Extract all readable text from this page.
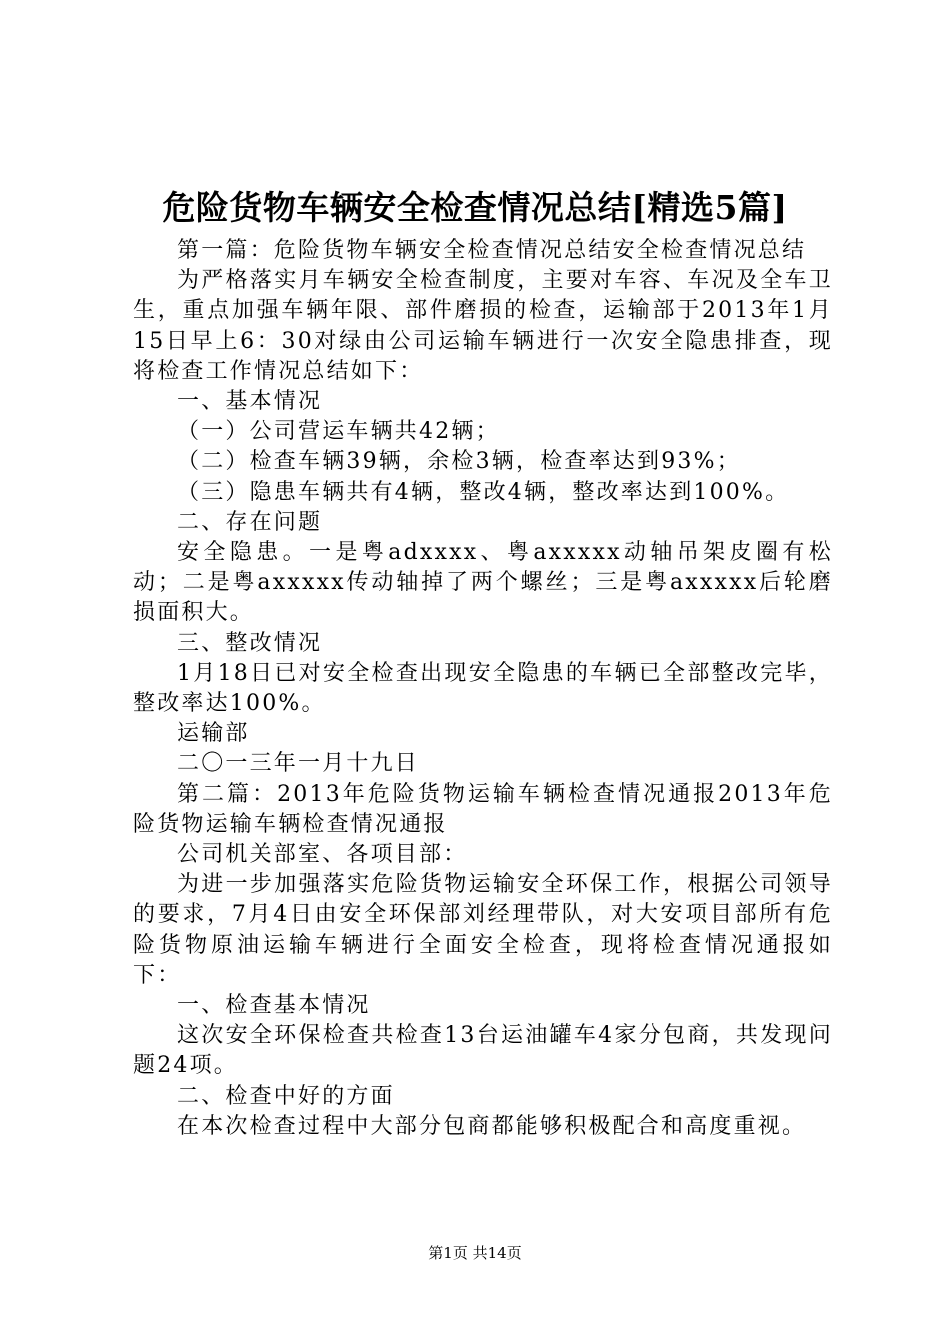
危险货物车辆安全检查情况总结[精选5篇]

第一篇：危险货物车辆安全检查情况总结安全检查情况总结

为严格落实月车辆安全检查制度，主要对车容、车况及全车卫生，重点加强车辆年限、部件磨损的检查，运输部于2013年1月15日早上6：30对绿由公司运输车辆进行一次安全隐患排查，现将检查工作情况总结如下：

一、基本情况

（一）公司营运车辆共42辆；

（二）检查车辆39辆，余检3辆，检查率达到93%；

（三）隐患车辆共有4辆，整改4辆，整改率达到100%。

二、存在问题

安全隐患。一是粤adxxxx、粤axxxxx动轴吊架皮圈有松动；二是粤axxxxx传动轴掉了两个螺丝；三是粤axxxxx后轮磨损面积大。

三、整改情况

1月18日已对安全检查出现安全隐患的车辆已全部整改完毕，整改率达100%。

运输部

二〇一三年一月十九日

第二篇：2013年危险货物运输车辆检查情况通报2013年危险货物运输车辆检查情况通报

公司机关部室、各项目部：

为进一步加强落实危险货物运输安全环保工作，根据公司领导的要求，7月4日由安全环保部刘经理带队，对大安项目部所有危险货物原油运输车辆进行全面安全检查，现将检查情况通报如下：

一、检查基本情况

这次安全环保检查共检查13台运油罐车4家分包商，共发现问题24项。

二、检查中好的方面

在本次检查过程中大部分包商都能够积极配合和高度重视。

第1页 共14页
